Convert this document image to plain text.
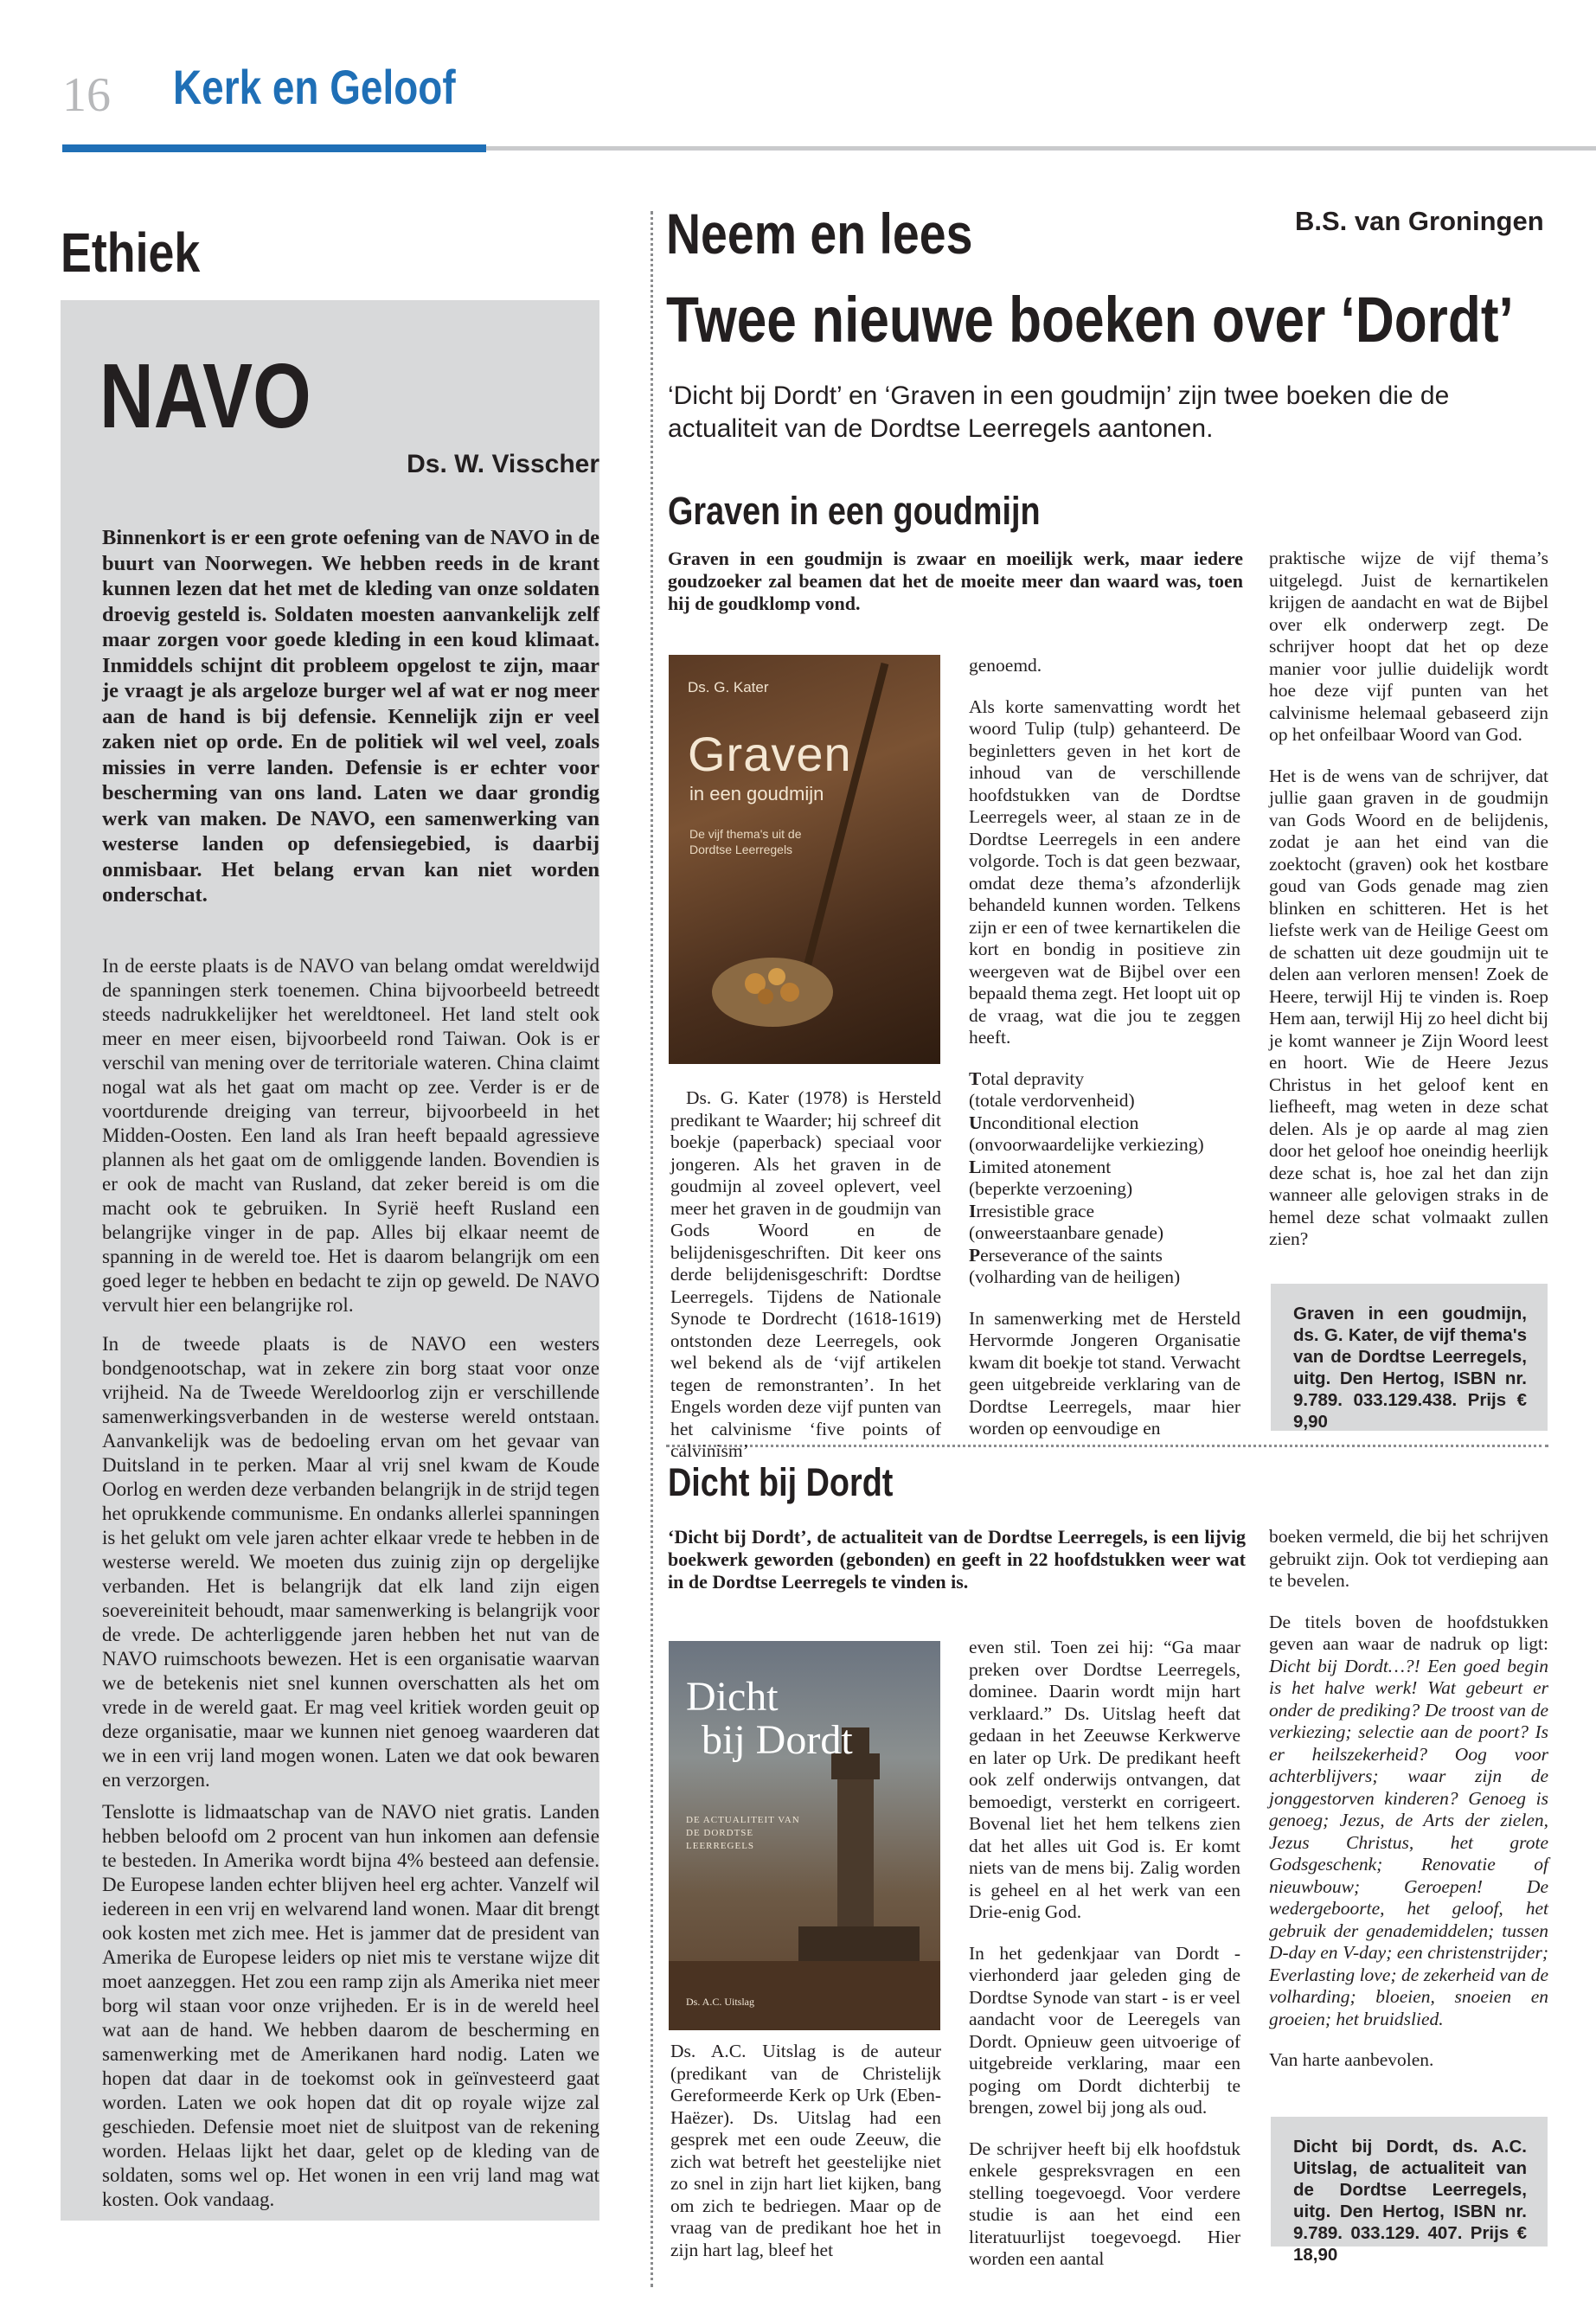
16 Kerk en Geloof
Ethiek
NAVO
Ds. W. Visscher

Binnenkort is er een grote oefening van de NAVO in de buurt van Noorwegen. We hebben reeds in de krant kunnen lezen dat het met de kleding van onze soldaten droevig gesteld is. Soldaten moesten aanvankelijk zelf maar zorgen voor goede kleding in een koud klimaat. Inmiddels schijnt dit probleem opgelost te zijn, maar je vraagt je als argeloze burger wel af wat er nog meer aan de hand is bij defensie. Kennelijk zijn er veel zaken niet op orde. En de politiek wil wel veel, zoals missies in verre landen. Defensie is er echter voor bescherming van ons land. Laten we daar grondig werk van maken. De NAVO, een samenwerking van westerse landen op defensiegebied, is daarbij onmisbaar. Het belang ervan kan niet worden onderschat.

In de eerste plaats is de NAVO van belang omdat wereldwijd de spanningen sterk toenemen. China bijvoorbeeld betreedt steeds nadrukkelijker het wereldtoneel. Het land stelt ook meer en meer eisen, bijvoorbeeld rond Taiwan. Ook is er verschil van mening over de territoriale wateren. China claimt nogal wat als het gaat om macht op zee. Verder is er de voortdurende dreiging van terreur, bijvoorbeeld in het Midden-Oosten. Een land als Iran heeft bepaald agressieve plannen als het gaat om de omliggende landen. Bovendien is er ook de macht van Rusland, dat zeker bereid is om die macht ook te gebruiken. In Syrië heeft Rusland een belangrijke vinger in de pap. Alles bij elkaar neemt de spanning in de wereld toe. Het is daarom belangrijk om een goed leger te hebben en bedacht te zijn op geweld. De NAVO vervult hier een belangrijke rol.

In de tweede plaats is de NAVO een westers bondgenootschap, wat in zekere zin borg staat voor onze vrijheid. Na de Tweede Wereldoorlog zijn er verschillende samenwerkingsverbanden in de westerse wereld ontstaan. Aanvankelijk was de bedoeling ervan om het gevaar van Duitsland in te perken. Maar al vrij snel kwam de Koude Oorlog en werden deze verbanden belangrijk in de strijd tegen het oprukkende communisme. En ondanks allerlei spanningen is het gelukt om vele jaren achter elkaar vrede te hebben in de westerse wereld. We moeten dus zuinig zijn op dergelijke verbanden. Het is belangrijk dat elk land zijn eigen soevereiniteit behoudt, maar samenwerking is belangrijk voor de vrede. De achterliggende jaren hebben het nut van de NAVO ruimschoots bewezen. Het is een organisatie waarvan we de betekenis niet snel kunnen overschatten als het om vrede in de wereld gaat. Er mag veel kritiek worden geuit op deze organisatie, maar we kunnen niet genoeg waarderen dat we in een vrij land mogen wonen. Laten we dat ook bewaren en verzorgen.

Tenslotte is lidmaatschap van de NAVO niet gratis. Landen hebben beloofd om 2 procent van hun inkomen aan defensie te besteden. In Amerika wordt bijna 4% besteed aan defensie. De Europese landen echter blijven heel erg achter. Vanzelf wil iedereen in een vrij en welvarend land wonen. Maar dit brengt ook kosten met zich mee. Het is jammer dat de president van Amerika de Europese leiders op niet mis te verstane wijze dit moet aanzeggen. Het zou een ramp zijn als Amerika niet meer borg wil staan voor onze vrijheden. Er is in de wereld heel wat aan de hand. We hebben daarom de bescherming en samenwerking met de Amerikanen hard nodig. Laten we hopen dat daar in de toekomst ook in geïnvesteerd gaat worden. Laten we ook hopen dat dit op royale wijze zal geschieden. Defensie moet niet de sluitpost van de rekening worden. Helaas lijkt het daar, gelet op de kleding van de soldaten, soms wel op. Het wonen in een vrij land mag wat kosten. Ook vandaag.

Neem en lees	B.S. van Groningen
Twee nieuwe boeken over ‘Dordt’
‘Dicht bij Dordt’ en ‘Graven in een goudmijn’ zijn twee boeken die de actualiteit van de Dordtse Leerregels aantonen.
Graven in een goudmijn
Graven in een goudmijn is zwaar en moeilijk werk, maar iedere goudzoeker zal beamen dat het de moeite meer dan waard was, toen hij de goudklomp vond.
Ds. G. Kater
Graven
in een goudmijn
De vijf thema's uit de Dordtse Leerregels

Ds. G. Kater (1978) is Hersteld predikant te Waarder; hij schreef dit boekje (paperback) speciaal voor jongeren. Als het graven in de goudmijn al zoveel oplevert, veel meer het graven in de goudmijn van Gods Woord en de belijdenisgeschriften. Dit keer ons derde belijdenisgeschrift: Dordtse Leerregels. Tijdens de Nationale Synode te Dordrecht (1618-1619) ontstonden deze Leerregels, ook wel bekend als de ‘vijf artikelen tegen de remonstranten’. In het Engels worden deze vijf punten van het calvinisme ‘five points of calvinism’

genoemd.

Als korte samenvatting wordt het woord Tulip (tulp) gehanteerd. De beginletters geven in het kort de inhoud van de verschillende hoofdstukken van de Dordtse Leerregels weer, al staan ze in de Dordtse Leerregels in een andere volgorde. Toch is dat geen bezwaar, omdat deze thema’s afzonderlijk behandeld kunnen worden. Telkens zijn er een of twee kernartikelen die kort en bondig in positieve zin weergeven wat de Bijbel over een bepaald thema zegt. Het loopt uit op de vraag, wat die jou te zeggen heeft.

Total depravity
(totale verdorvenheid)
Unconditional election
(onvoorwaardelijke verkiezing)
Limited atonement
(beperkte verzoening)
Irresistible grace
(onweerstaanbare genade)
Perseverance of the saints
(volharding van de heiligen)

In samenwerking met de Hersteld Hervormde Jongeren Organisatie kwam dit boekje tot stand. Verwacht geen uitgebreide verklaring van de Dordtse Leerregels, maar hier worden op eenvoudige en

praktische wijze de vijf thema’s uitgelegd. Juist de kernartikelen krijgen de aandacht en wat de Bijbel over elk onderwerp zegt. De schrijver hoopt dat het op deze manier voor jullie duidelijk wordt hoe deze vijf punten van het calvinisme helemaal gebaseerd zijn op het onfeilbaar Woord van God.

Het is de wens van de schrijver, dat jullie gaan graven in de goudmijn van Gods Woord en de belijdenis, zodat je aan het eind van die zoektocht (graven) ook het kostbare goud van Gods genade mag zien blinken en schitteren. Het is het liefste werk van de Heilige Geest om de schatten uit deze goudmijn uit te delen aan verloren mensen! Zoek de Heere, terwijl Hij te vinden is. Roep Hem aan, terwijl Hij zo heel dicht bij je komt wanneer je Zijn Woord leest en hoort. Wie de Heere Jezus Christus in het geloof kent en liefheeft, mag weten in deze schat delen. Als je op aarde al mag zien door het geloof hoe oneindig heerlijk deze schat is, hoe zal het dan zijn wanneer alle gelovigen straks in de hemel deze schat volmaakt zullen zien?

Graven in een goudmijn, ds. G. Kater, de vijf thema's van de Dordtse Leerregels, uitg. Den Hertog, ISBN nr. 9.789. 033.129.438. Prijs € 9,90
Dicht bij Dordt
‘Dicht bij Dordt’, de actualiteit van de Dordtse Leerregels, is een lijvig boekwerk geworden (gebonden) en geeft in 22 hoofdstukken weer wat in de Dordtse Leerregels te vinden is.
Dicht
bij Dordt
DE ACTUALITEIT VAN DE DORDTSE LEERREGELS
Ds. A.C. Uitslag

Ds. A.C. Uitslag is de auteur (predikant van de Christelijk Gereformeerde Kerk op Urk (Eben-Haëzer). Ds. Uitslag had een gesprek met een oude Zeeuw, die zich wat betreft het geestelijke niet zo snel in zijn hart liet kijken, bang om zich te bedriegen. Maar op de vraag van de predikant hoe het in zijn hart lag, bleef het

even stil. Toen zei hij: “Ga maar preken over Dordtse Leerregels, dominee. Daarin wordt mijn hart verklaard.” Ds. Uitslag heeft dat gedaan in het Zeeuwse Kerkwerve en later op Urk. De predikant heeft ook zelf onderwijs ontvangen, dat bemoedigt, versterkt en corrigeert. Bovenal liet het hem telkens zien dat het alles uit God is. Er komt niets van de mens bij. Zalig worden is geheel en al het werk van een Drie-enig God.

In het gedenkjaar van Dordt - vierhonderd jaar geleden ging de Dordtse Synode van start - is er veel aandacht voor de Leeregels van Dordt. Opnieuw geen uitvoerige of uitgebreide verklaring, maar een poging om Dordt dichterbij te brengen, zowel bij jong als oud.

De schrijver heeft bij elk hoofdstuk enkele gespreksvragen en een stelling toegevoegd. Voor verdere studie is aan het eind een literatuurlijst toegevoegd. Hier worden een aantal

boeken vermeld, die bij het schrijven gebruikt zijn. Ook tot verdieping aan te bevelen.

De titels boven de hoofdstukken geven aan waar de nadruk op ligt: Dicht bij Dordt…?! Een goed begin is het halve werk! Wat gebeurt er onder de prediking? De troost van de verkiezing; selectie aan de poort? Is er heilszekerheid? Oog voor achterblijvers; waar zijn de jonggestorven kinderen? Genoeg is genoeg; Jezus, de Arts der zielen, Jezus Christus, het grote Godsgeschenk; Renovatie of nieuwbouw; Geroepen! De wedergeboorte, het geloof, het gebruik der genademiddelen; tussen D-day en V-day; een christenstrijder; Everlasting love; de zekerheid van de volharding; bloeien, snoeien en groeien; het bruidslied.

Van harte aanbevolen.

Dicht bij Dordt, ds. A.C. Uitslag, de actualiteit van de Dordtse Leerregels, uitg. Den Hertog, ISBN nr. 9.789. 033.129. 407. Prijs € 18,90
